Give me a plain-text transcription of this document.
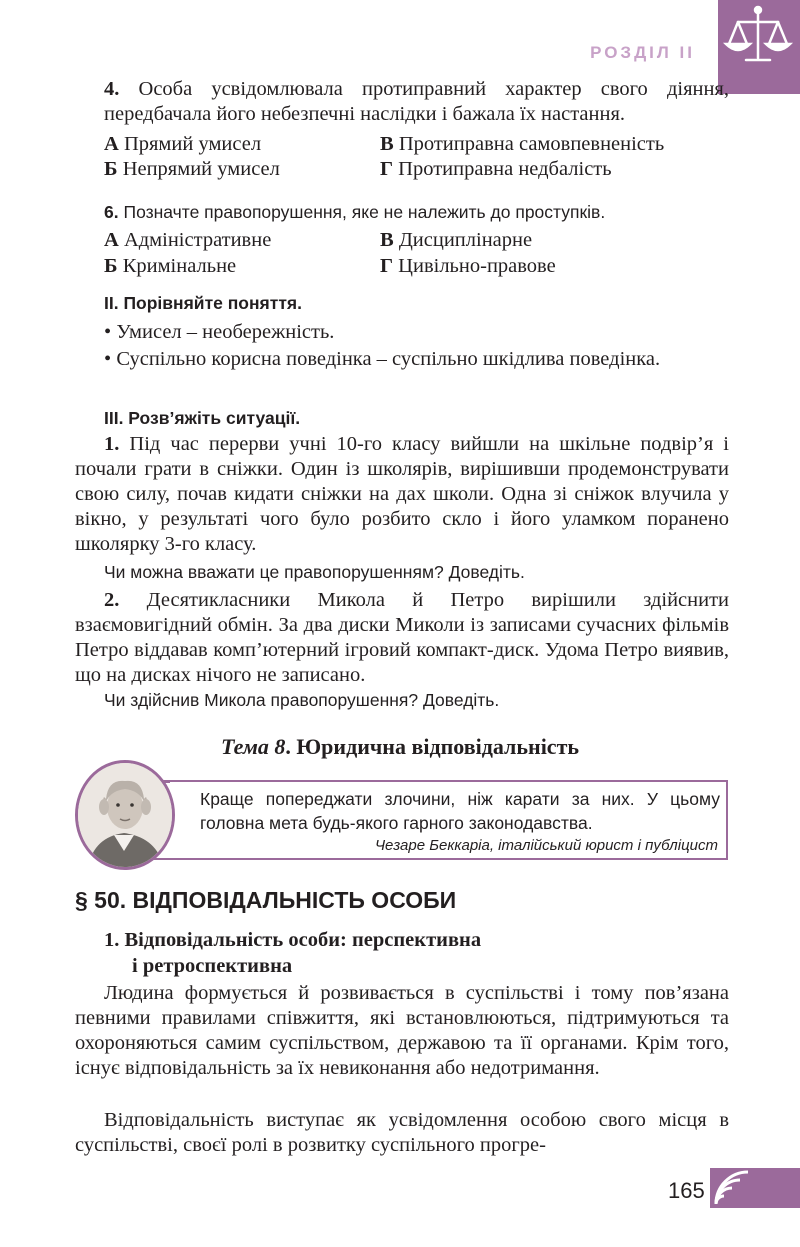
РОЗДІЛ II
4. Особа усвідомлювала протиправний характер свого діяння, передбачала його небезпечні наслідки і бажала їх настання.
А Прямий умисел	В Протиправна самовпевненість
Б Непрямий умисел	Г Протиправна недбалість
6. Позначте правопорушення, яке не належить до проступків.
А Адміністративне	В Дисциплінарне
Б Кримінальне	Г Цивільно-правове
II. Порівняйте поняття.
• Умисел – необережність.
• Суспільно корисна поведінка – суспільно шкідлива поведінка.
III. Розв’яжіть ситуації.
1. Під час перерви учні 10-го класу вийшли на шкільне подвір’я і почали грати в сніжки. Один із школярів, вирішивши продемонструвати свою силу, почав кидати сніжки на дах школи. Одна зі сніжок влучила у вікно, у результаті чого було розбито скло і його уламком поранено школярку 3-го класу.
Чи можна вважати це правопорушенням? Доведіть.
2. Десятикласники Микола й Петро вирішили здійснити взаємовигідний обмін. За два диски Миколи із записами сучасних фільмів Петро віддавав комп’ютерний ігровий компакт-диск. Удома Петро виявив, що на дисках нічого не записано.
Чи здійснив Микола правопорушення? Доведіть.
Тема 8. Юридична відповідальність
Краще попереджати злочини, ніж карати за них. У цьому головна мета будь-якого гарного законодавства.
Чезаре Беккаріа, італійський юрист і публіцист
§ 50. ВІДПОВІДАЛЬНІСТЬ ОСОБИ
1. Відповідальність особи: перспективна
і ретроспективна
Людина формується й розвивається в суспільстві і тому пов’язана певними правилами співжиття, які встановлюються, підтримуються та охороняються самим суспільством, державою та її органами. Крім того, існує відповідальність за їх невиконання або недотримання.
Відповідальність виступає як усвідомлення особою свого місця в суспільстві, своєї ролі в розвитку суспільного прогре-
165
